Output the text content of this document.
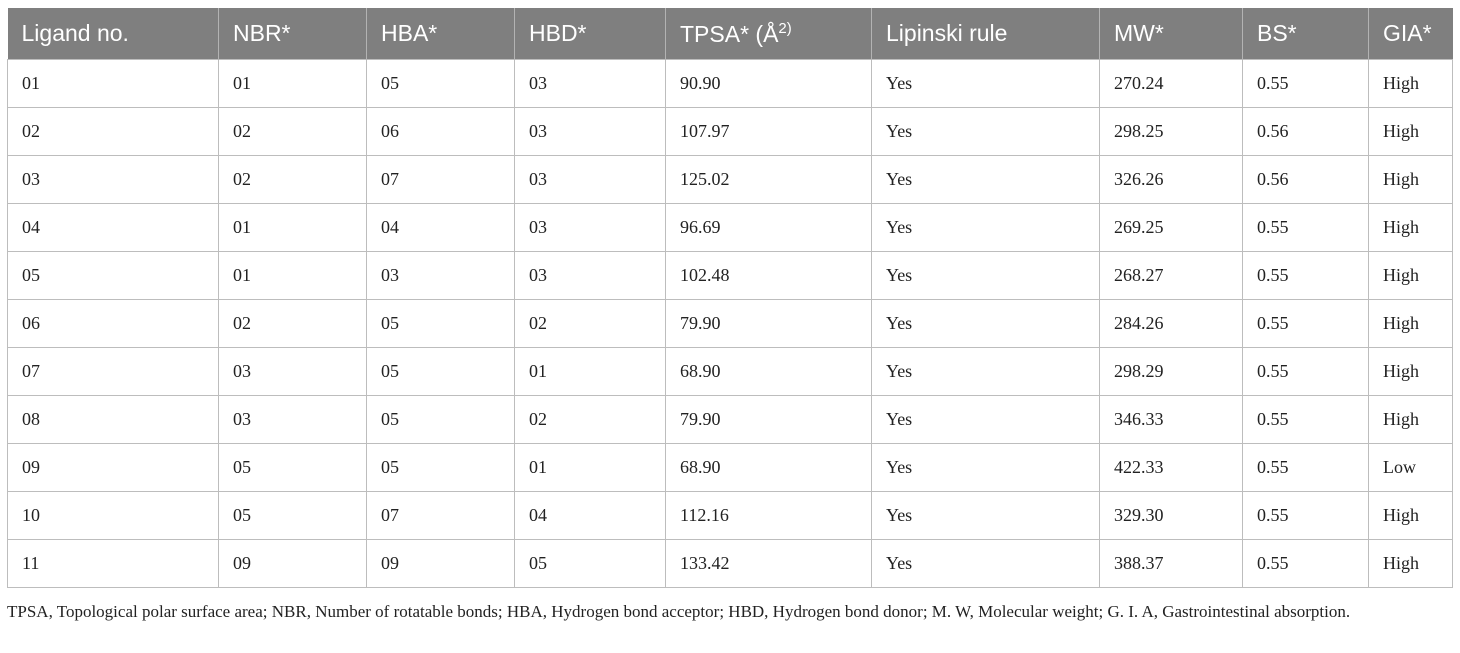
Ligand no.	NBR*	HBA*	HBD*	TPSA* ($Å^{2)}$	Lipinski rule	MW*	BS*	GIA*
01	01	05	03	90.90	Yes	270.24	0.55	High
02	02	06	03	107.97	Yes	298.25	0.56	High
03	02	07	03	125.02	Yes	326.26	0.56	High
04	01	04	03	96.69	Yes	269.25	0.55	High
05	01	03	03	102.48	Yes	268.27	0.55	High
06	02	05	02	79.90	Yes	284.26	0.55	High
07	03	05	01	68.90	Yes	298.29	0.55	High
08	03	05	02	79.90	Yes	346.33	0.55	High
09	05	05	01	68.90	Yes	422.33	0.55	Low
10	05	07	04	112.16	Yes	329.30	0.55	High
11	09	09	05	133.42	Yes	388.37	0.55	High
TPSA, Topological polar surface area; NBR, Number of rotatable bonds; HBA, Hydrogen bond acceptor; HBD, Hydrogen bond donor; M. W, Molecular weight; G. I. A, Gastrointestinal absorption.
